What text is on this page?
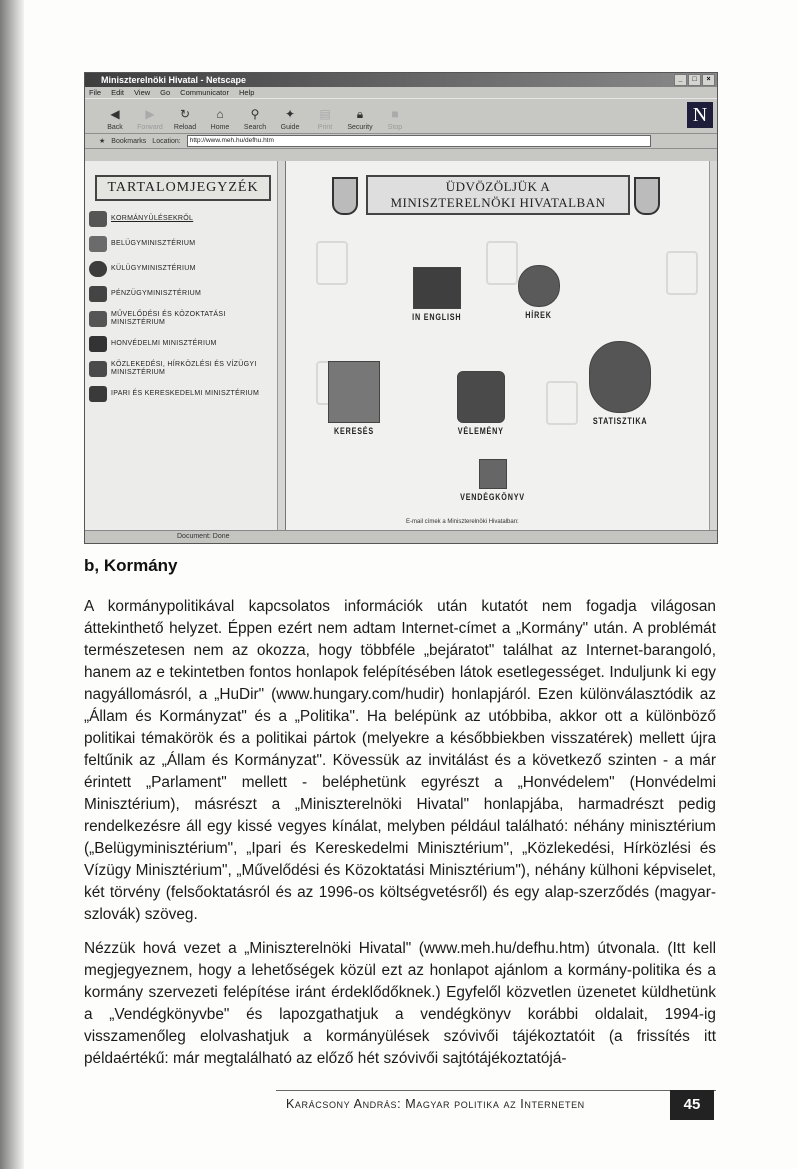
Miniszterelnöki Hivatal - Netscape	_	□	×
File Edit View Go Communicator Help
◀
Back
▶
Forward
↻
Reload
⌂
Home
⚲
Search
✦
Guide
▤
Print
🔒︎
Security
■
Stop
N
★ Bookmarks Location:	http://www.meh.hu/defhu.htm
TARTALOMJEGYZÉK
KORMÁNYÜLÉSEKRŐL
BELÜGYMINISZTÉRIUM
KÜLÜGYMINISZTÉRIUM
PÉNZÜGYMINISZTÉRIUM
MŰVELŐDÉSI ÉS KÖZOKTATÁSI MINISZTÉRIUM
HONVÉDELMI MINISZTÉRIUM
KÖZLEKEDÉSI, HÍRKÖZLÉSI ÉS VÍZÜGYI MINISZTÉRIUM
IPARI ÉS KERESKEDELMI MINISZTÉRIUM
ÜDVÖZÖLJÜK A
MINISZTERELNÖKI HIVATALBAN
IN ENGLISH	HÍREK
KERESÉS	VÉLEMÉNY
STATISZTIKA
VENDÉGKÖNYV
E-mail címek a Miniszterelnöki Hivatalban:
Document: Done
b, Kormány
A kormánypolitikával kapcsolatos információk után kutatót nem fogadja világosan áttekinthető helyzet. Éppen ezért nem adtam Internet-címet a „Kormány" után. A problémát természetesen nem az okozza, hogy többféle „bejáratot" találhat az Internet-barangoló, hanem az e tekintetben fontos honlapok felépítésében látok esetlegességet. Induljunk ki egy nagyállomásról, a „HuDir" (www.hungary.com/hudir) honlapjáról. Ezen különválasztódik az „Állam és Kormányzat" és a „Politika". Ha belépünk az utóbbiba, akkor ott a különböző politikai témakörök és a politikai pártok (melyekre a későbbiekben visszatérek) mellett újra feltűnik az „Állam és Kormányzat". Kövessük az invitálást és a következő szinten - a már érintett „Parlament" mellett - beléphetünk egyrészt a „Honvédelem" (Honvédelmi Minisztérium), másrészt a „Miniszterelnöki Hivatal" honlapjába, harmadrészt pedig rendelkezésre áll egy kissé vegyes kínálat, melyben például található: néhány minisztérium („Belügyminisztérium", „Ipari és Kereskedelmi Minisztérium", „Közlekedési, Hírközlési és Vízügy Minisztérium", „Művelődési és Közoktatási Minisztérium"), néhány külhoni képviselet, két törvény (felsőoktatásról és az 1996-os költségvetésről) és egy alap-szerződés (magyar-szlovák) szöveg.
Nézzük hová vezet a „Miniszterelnöki Hivatal" (www.meh.hu/defhu.htm) útvonala. (Itt kell megjegyeznem, hogy a lehetőségek közül ezt az honlapot ajánlom a kormány-politika és a kormány szervezeti felépítése iránt érdeklődőknek.) Egyfelől közvetlen üzenetet küldhetünk a „Vendégkönyvbe" és lapozgathatjuk a vendégkönyv korábbi oldalait, 1994-ig visszamenőleg elolvashatjuk a kormányülések szóvivői tájékoztatóit (a frissítés itt példaértékű: már megtalálható az előző hét szóvivői sajtótájékoztatójá-
Karácsony András: Magyar politika az Interneten	45
